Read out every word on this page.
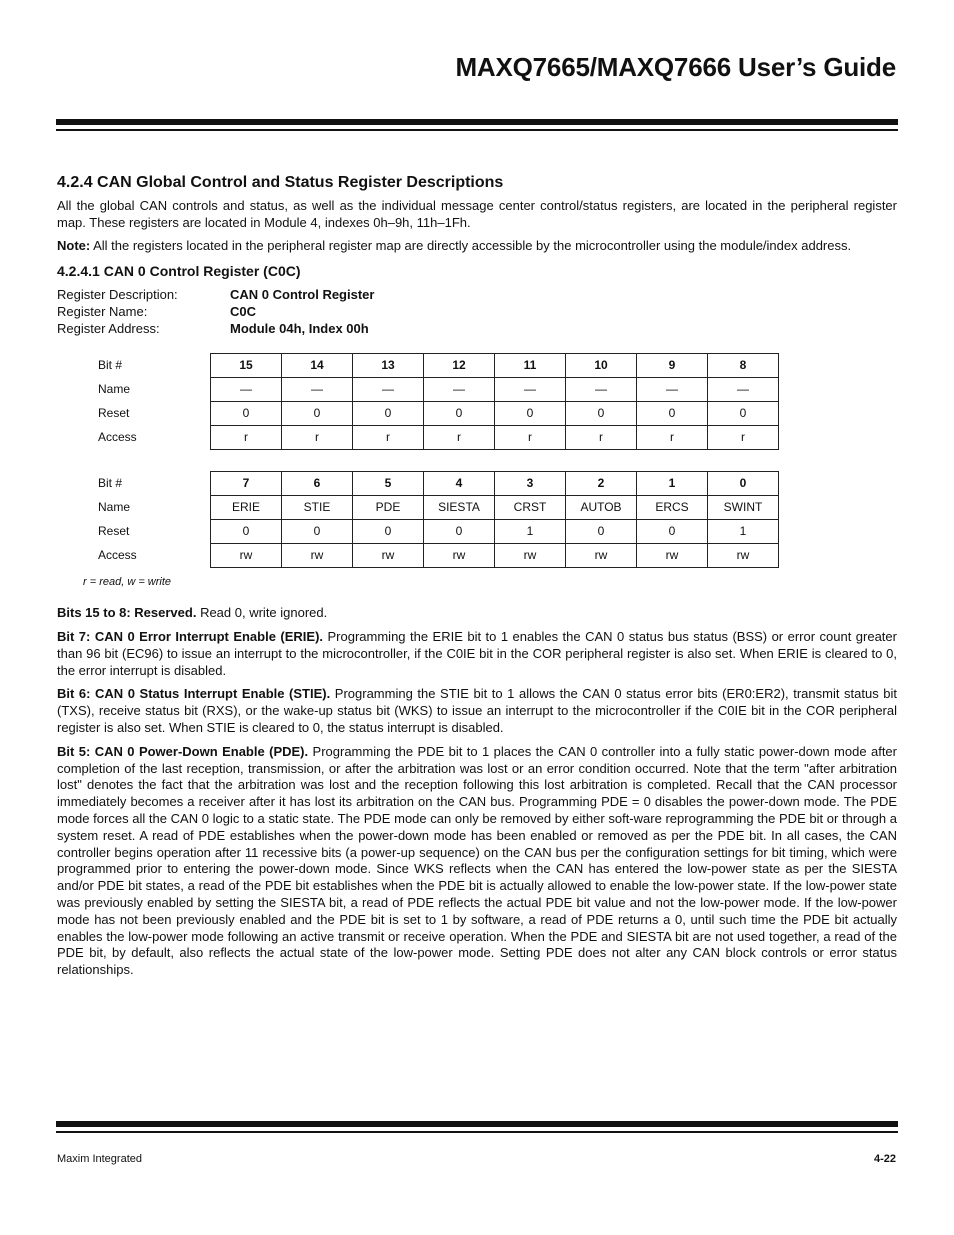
MAXQ7665/MAXQ7666 User’s Guide
4.2.4 CAN Global Control and Status Register Descriptions

All the global CAN controls and status, as well as the individual message center control/status registers, are located in the peripheral register map. These registers are located in Module 4, indexes 0h–9h, 11h–1Fh.

Note: All the registers located in the peripheral register map are directly accessible by the microcontroller using the module/index address.

4.2.4.1 CAN 0 Control Register (C0C)
Register Description:	CAN 0 Control Register
Register Name:	C0C
Register Address:	Module 04h, Index 00h
Bit #	15	14	13	12	11	10	9	8
Name	—	—	—	—	—	—	—	—
Reset	0	0	0	0	0	0	0	0
Access	r	r	r	r	r	r	r	r

Bit #	7	6	5	4	3	2	1	0
Name	ERIE	STIE	PDE	SIESTA	CRST	AUTOB	ERCS	SWINT
Reset	0	0	0	0	1	0	0	1
Access	rw	rw	rw	rw	rw	rw	rw	rw
r = read, w = write

Bits 15 to 8: Reserved. Read 0, write ignored.

Bit 7: CAN 0 Error Interrupt Enable (ERIE). Programming the ERIE bit to 1 enables the CAN 0 status bus status (BSS) or error count greater than 96 bit (EC96) to issue an interrupt to the microcontroller, if the C0IE bit in the COR peripheral register is also set. When ERIE is cleared to 0, the error interrupt is disabled.

Bit 6: CAN 0 Status Interrupt Enable (STIE). Programming the STIE bit to 1 allows the CAN 0 status error bits (ER0:ER2), transmit status bit (TXS), receive status bit (RXS), or the wake-up status bit (WKS) to issue an interrupt to the microcontroller if the C0IE bit in the COR peripheral register is also set. When STIE is cleared to 0, the status interrupt is disabled.

Bit 5: CAN 0 Power-Down Enable (PDE). Programming the PDE bit to 1 places the CAN 0 controller into a fully static power-down mode after completion of the last reception, transmission, or after the arbitration was lost or an error condition occurred. Note that the term "after arbitration lost" denotes the fact that the arbitration was lost and the reception following this lost arbitration is completed. Recall that the CAN processor immediately becomes a receiver after it has lost its arbitration on the CAN bus. Programming PDE = 0 disables the power-down mode. The PDE mode forces all the CAN 0 logic to a static state. The PDE mode can only be removed by either soft-ware reprogramming the PDE bit or through a system reset. A read of PDE establishes when the power-down mode has been enabled or removed as per the PDE bit. In all cases, the CAN controller begins operation after 11 recessive bits (a power-up sequence) on the CAN bus per the configuration settings for bit timing, which were programmed prior to entering the power-down mode. Since WKS reflects when the CAN has entered the low-power state as per the SIESTA and/or PDE bit states, a read of the PDE bit establishes when the PDE bit is actually allowed to enable the low-power state. If the low-power state was previously enabled by setting the SIESTA bit, a read of PDE reflects the actual PDE bit value and not the low-power mode. If the low-power mode has not been previously enabled and the PDE bit is set to 1 by software, a read of PDE returns a 0, until such time the PDE bit actually enables the low-power mode following an active transmit or receive operation. When the PDE and SIESTA bit are not used together, a read of the PDE bit, by default, also reflects the actual state of the low-power mode. Setting PDE does not alter any CAN block controls or error status relationships.

Maxim Integrated	4-22
